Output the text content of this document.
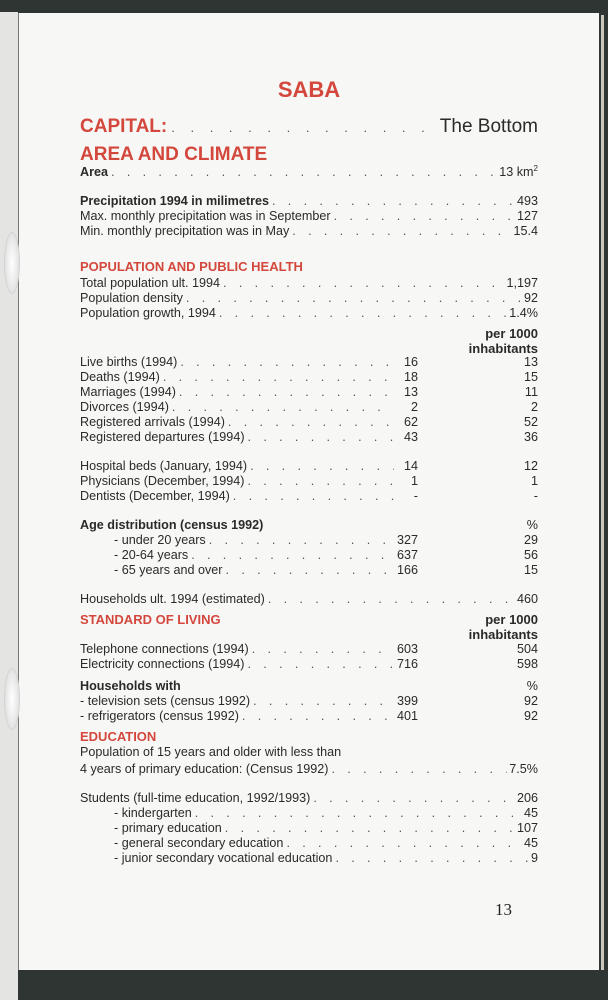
SABA
CAPITAL: . . .	The Bottom
AREA AND CLIMATE
Area . . .	13 $km^2$
Precipitation 1994 in milimetres . . .	493
Max. monthly precipitation was in September . . .	127
Min. monthly precipitation was in May . . .	15.4
POPULATION AND PUBLIC HEALTH
Total population ult. 1994 . . .	1,197
Population density . . .	92
Population growth, 1994 . . .	1.4%
per 1000
inhabitants
Live births (1994) . . .	16	13
Deaths (1994) . . .	18	15
Marriages (1994) . . .	13	11
Divorces (1994) . . .	2	2
Registered arrivals (1994) . . .	62	52
Registered departures (1994) . . .	43	36
Hospital beds (January, 1994) . . .	14	12
Physicians (December, 1994) . . .	1	1
Dentists (December, 1994) . . .	-	-
Age distribution (census 1992)	%
- under 20 years . . .	327	29
- 20-64 years . . .	637	56
- 65 years and over . . .	166	15
Households ult. 1994 (estimated) . . .	460
STANDARD OF LIVING	per 1000
inhabitants
Telephone connections (1994) . . .	603	504
Electricity connections (1994) . . .	716	598
Households with	%
- television sets (census 1992) . . .	399	92
- refrigerators (census 1992) . . .	401	92
EDUCATION
Population of 15 years and older with less than
4 years of primary education: (Census 1992) . . .	7.5%
Students (full-time education, 1992/1993) . . .	206
- kindergarten . . .	45
- primary education . . .	107
- general secondary education . . .	45
- junior secondary vocational education . . .	9
13
